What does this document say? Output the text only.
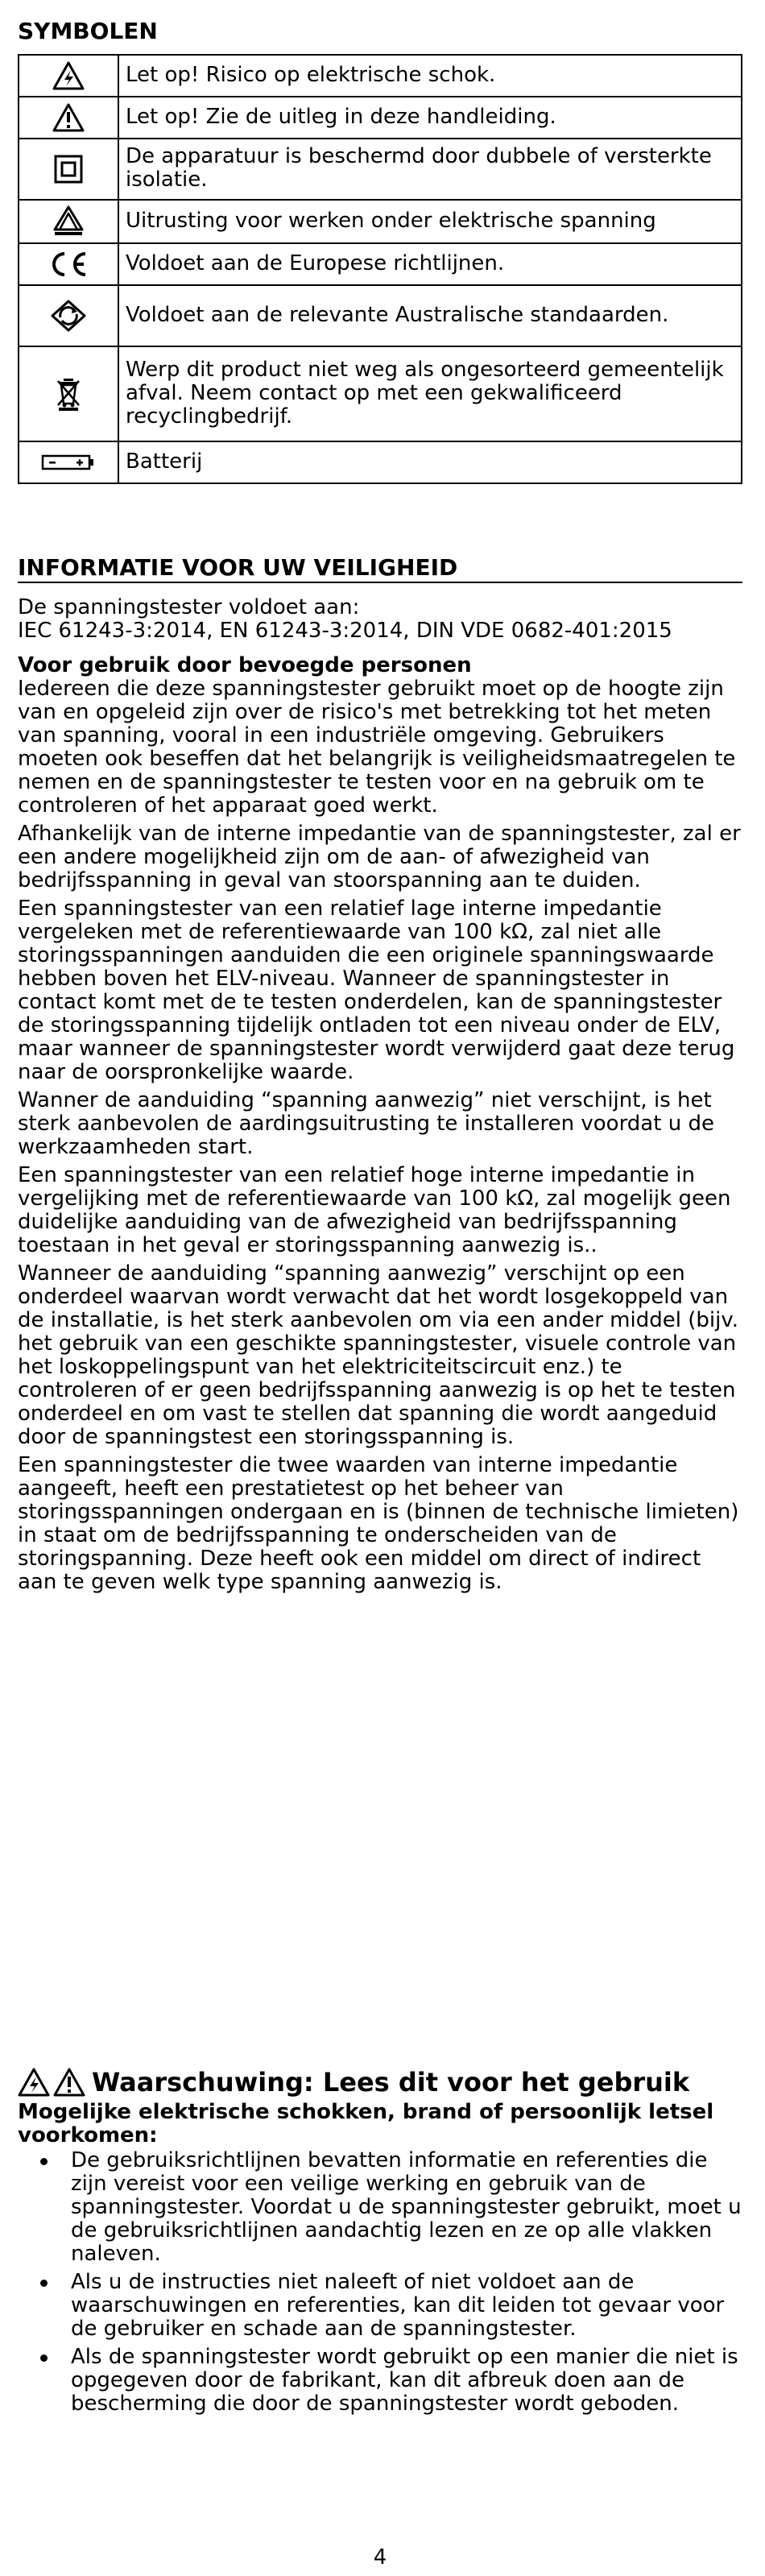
SYMBOLEN
	Let op! Risico op elektrische schok.

	Let op! Zie de uitleg in deze handleiding.

	De apparatuur is beschermd door dubbele of versterkte isolatie.

	Uitrusting voor werken onder elektrische spanning

	Voldoet aan de Europese richtlijnen.

	Voldoet aan de relevante Australische standaarden.

	Werp dit product niet weg als ongesorteerd gemeentelijk afval. Neem contact op met een gekwalificeerd recyclingbedrijf.

	Batterij
INFORMATIE VOOR UW VEILIGHEID

De spanningstester voldoet aan:

IEC 61243-3:2014, EN 61243-3:2014, DIN VDE 0682-401:2015

Voor gebruik door bevoegde personen

Iedereen die deze spanningstester gebruikt moet op de hoogte zijn van en opgeleid zijn over de risico's met betrekking tot het meten van spanning, vooral in een industriële omgeving. Gebruikers moeten ook beseffen dat het belangrijk is veiligheidsmaatregelen te nemen en de spanningstester te testen voor en na gebruik om te controleren of het apparaat goed werkt.

Afhankelijk van de interne impedantie van de spanningstester, zal er een andere mogelijkheid zijn om de aan- of afwezigheid van bedrijfsspanning in geval van stoorspanning aan te duiden.

Een spanningstester van een relatief lage interne impedantie vergeleken met de referentiewaarde van 100 kΩ, zal niet alle storingsspanningen aanduiden die een originele spanningswaarde hebben boven het ELV-niveau. Wanneer de spanningstester in contact komt met de te testen onderdelen, kan de spanningstester de storingsspanning tijdelijk ontladen tot een niveau onder de ELV, maar wanneer de spanningstester wordt verwijderd gaat deze terug naar de oorspronkelijke waarde.

Wanner de aanduiding “spanning aanwezig” niet verschijnt, is het sterk aanbevolen de aardingsuitrusting te installeren voordat u de werkzaamheden start.

Een spanningstester van een relatief hoge interne impedantie in vergelijking met de referentiewaarde van 100 kΩ, zal mogelijk geen duidelijke aanduiding van de afwezigheid van bedrijfsspanning toestaan in het geval er storingsspanning aanwezig is..

Wanneer de aanduiding “spanning aanwezig” verschijnt op een onderdeel waarvan wordt verwacht dat het wordt losgekoppeld van de installatie, is het sterk aanbevolen om via een ander middel (bijv. het gebruik van een geschikte spanningstester, visuele controle van het loskoppelingspunt van het elektriciteitscircuit enz.) te controleren of er geen bedrijfsspanning aanwezig is op het te testen onderdeel en om vast te stellen dat spanning die wordt aangeduid door de spanningstest een storingsspanning is.

Een spanningstester die twee waarden van interne impedantie aangeeft, heeft een prestatietest op het beheer van storingsspanningen ondergaan en is (binnen de technische limieten) in staat om de bedrijfsspanning te onderscheiden van de storingspanning. Deze heeft ook een middel om direct of indirect aan te geven welk type spanning aanwezig is.

Waarschuwing: Lees dit voor het gebruik

Mogelijke elektrische schokken, brand of persoonlijk letsel voorkomen:

De gebruiksrichtlijnen bevatten informatie en referenties die zijn vereist voor een veilige werking en gebruik van de spanningstester. Voordat u de spanningstester gebruikt, moet u de gebruiksrichtlijnen aandachtig lezen en ze op alle vlakken naleven.
Als u de instructies niet naleeft of niet voldoet aan de waarschuwingen en referenties, kan dit leiden tot gevaar voor de gebruiker en schade aan de spanningstester.
Als de spanningstester wordt gebruikt op een manier die niet is opgegeven door de fabrikant, kan dit afbreuk doen aan de bescherming die door de spanningstester wordt geboden.
4
